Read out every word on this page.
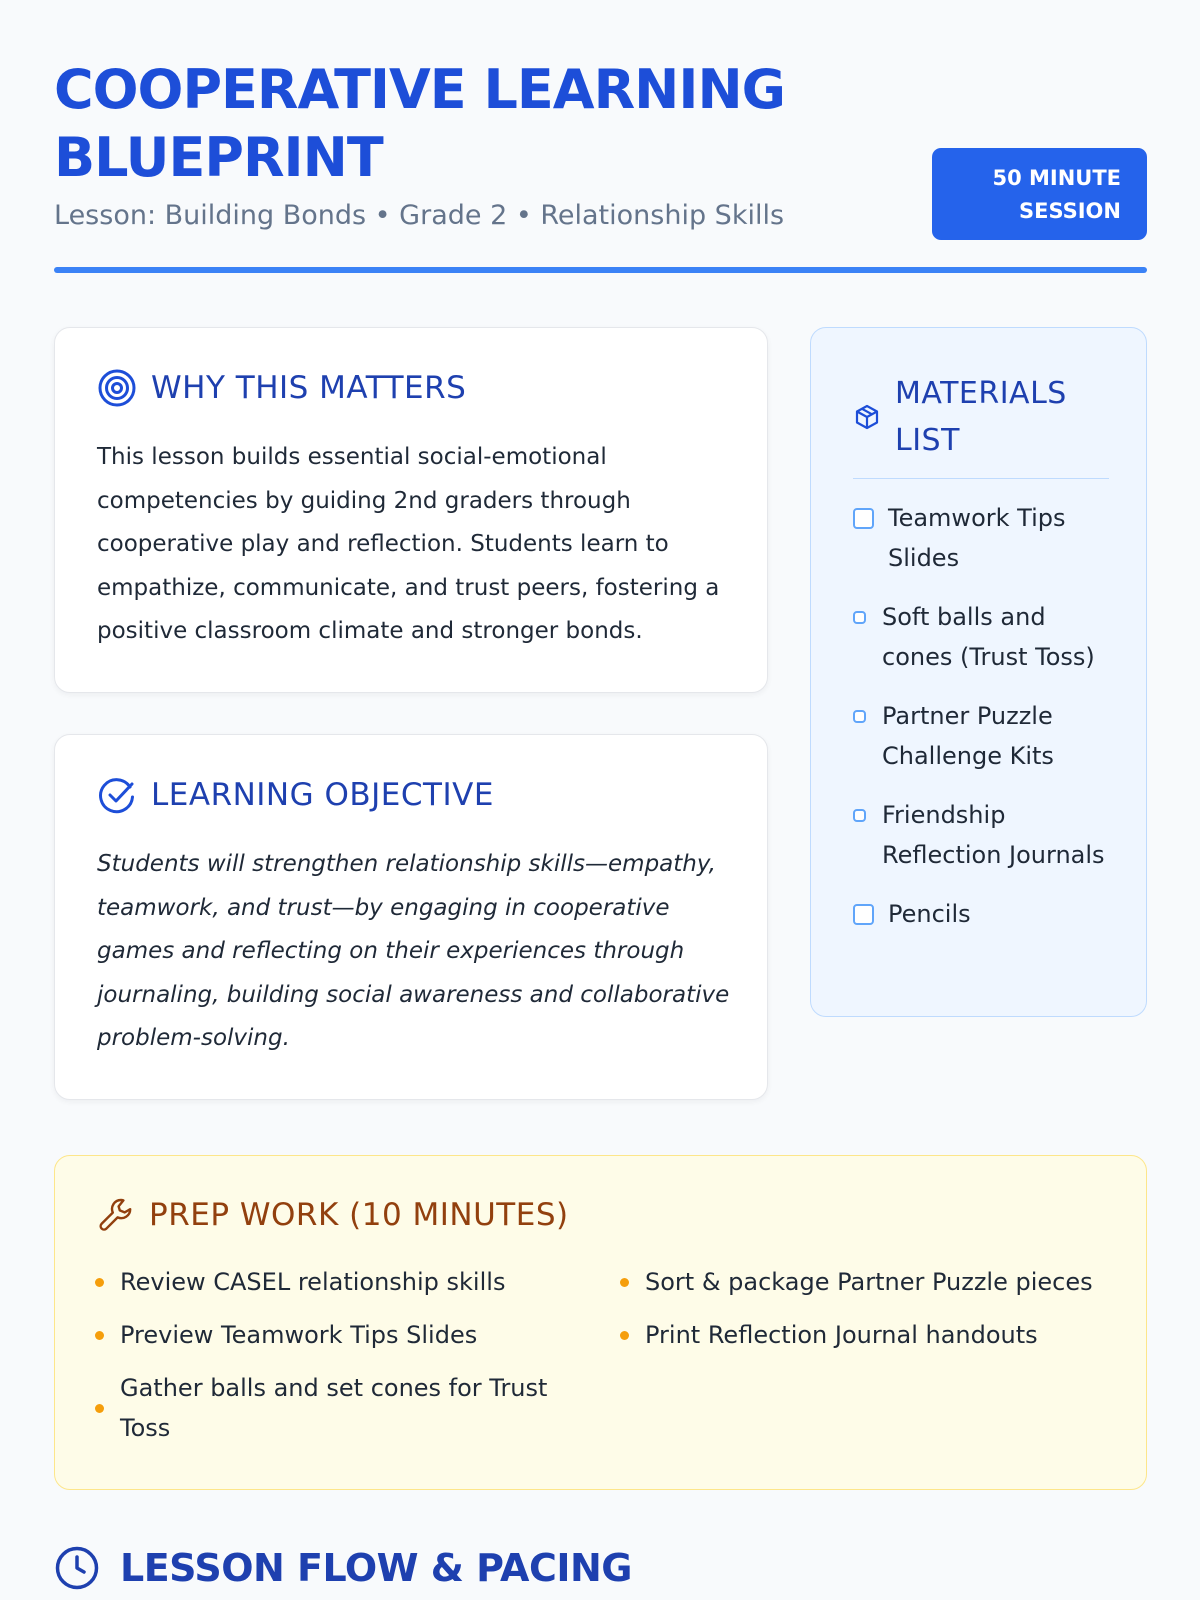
COOPERATIVE LEARNING BLUEPRINT
Lesson: Building Bonds • Grade 2 • Relationship Skills
50 MINUTE SESSION
WHY THIS MATTERS

This lesson builds essential social-emotional competencies by guiding 2nd graders through cooperative play and reflection. Students learn to empathize, communicate, and trust peers, fostering a positive classroom climate and stronger bonds.

LEARNING OBJECTIVE

Students will strengthen relationship skills—empathy, teamwork, and trust—by engaging in cooperative games and reflecting on their experiences through journaling, building social awareness and collaborative problem-solving.

MATERIALS LIST
Teamwork Tips Slides
Soft balls and cones (Trust Toss)
Partner Puzzle Challenge Kits
Friendship Reflection Journals
Pencils
PREP WORK (10 MINUTES)
Review CASEL relationship skills
Preview Teamwork Tips Slides
Gather balls and set cones for Trust Toss
Sort & package Partner Puzzle pieces
Print Reflection Journal handouts
LESSON FLOW & PACING
